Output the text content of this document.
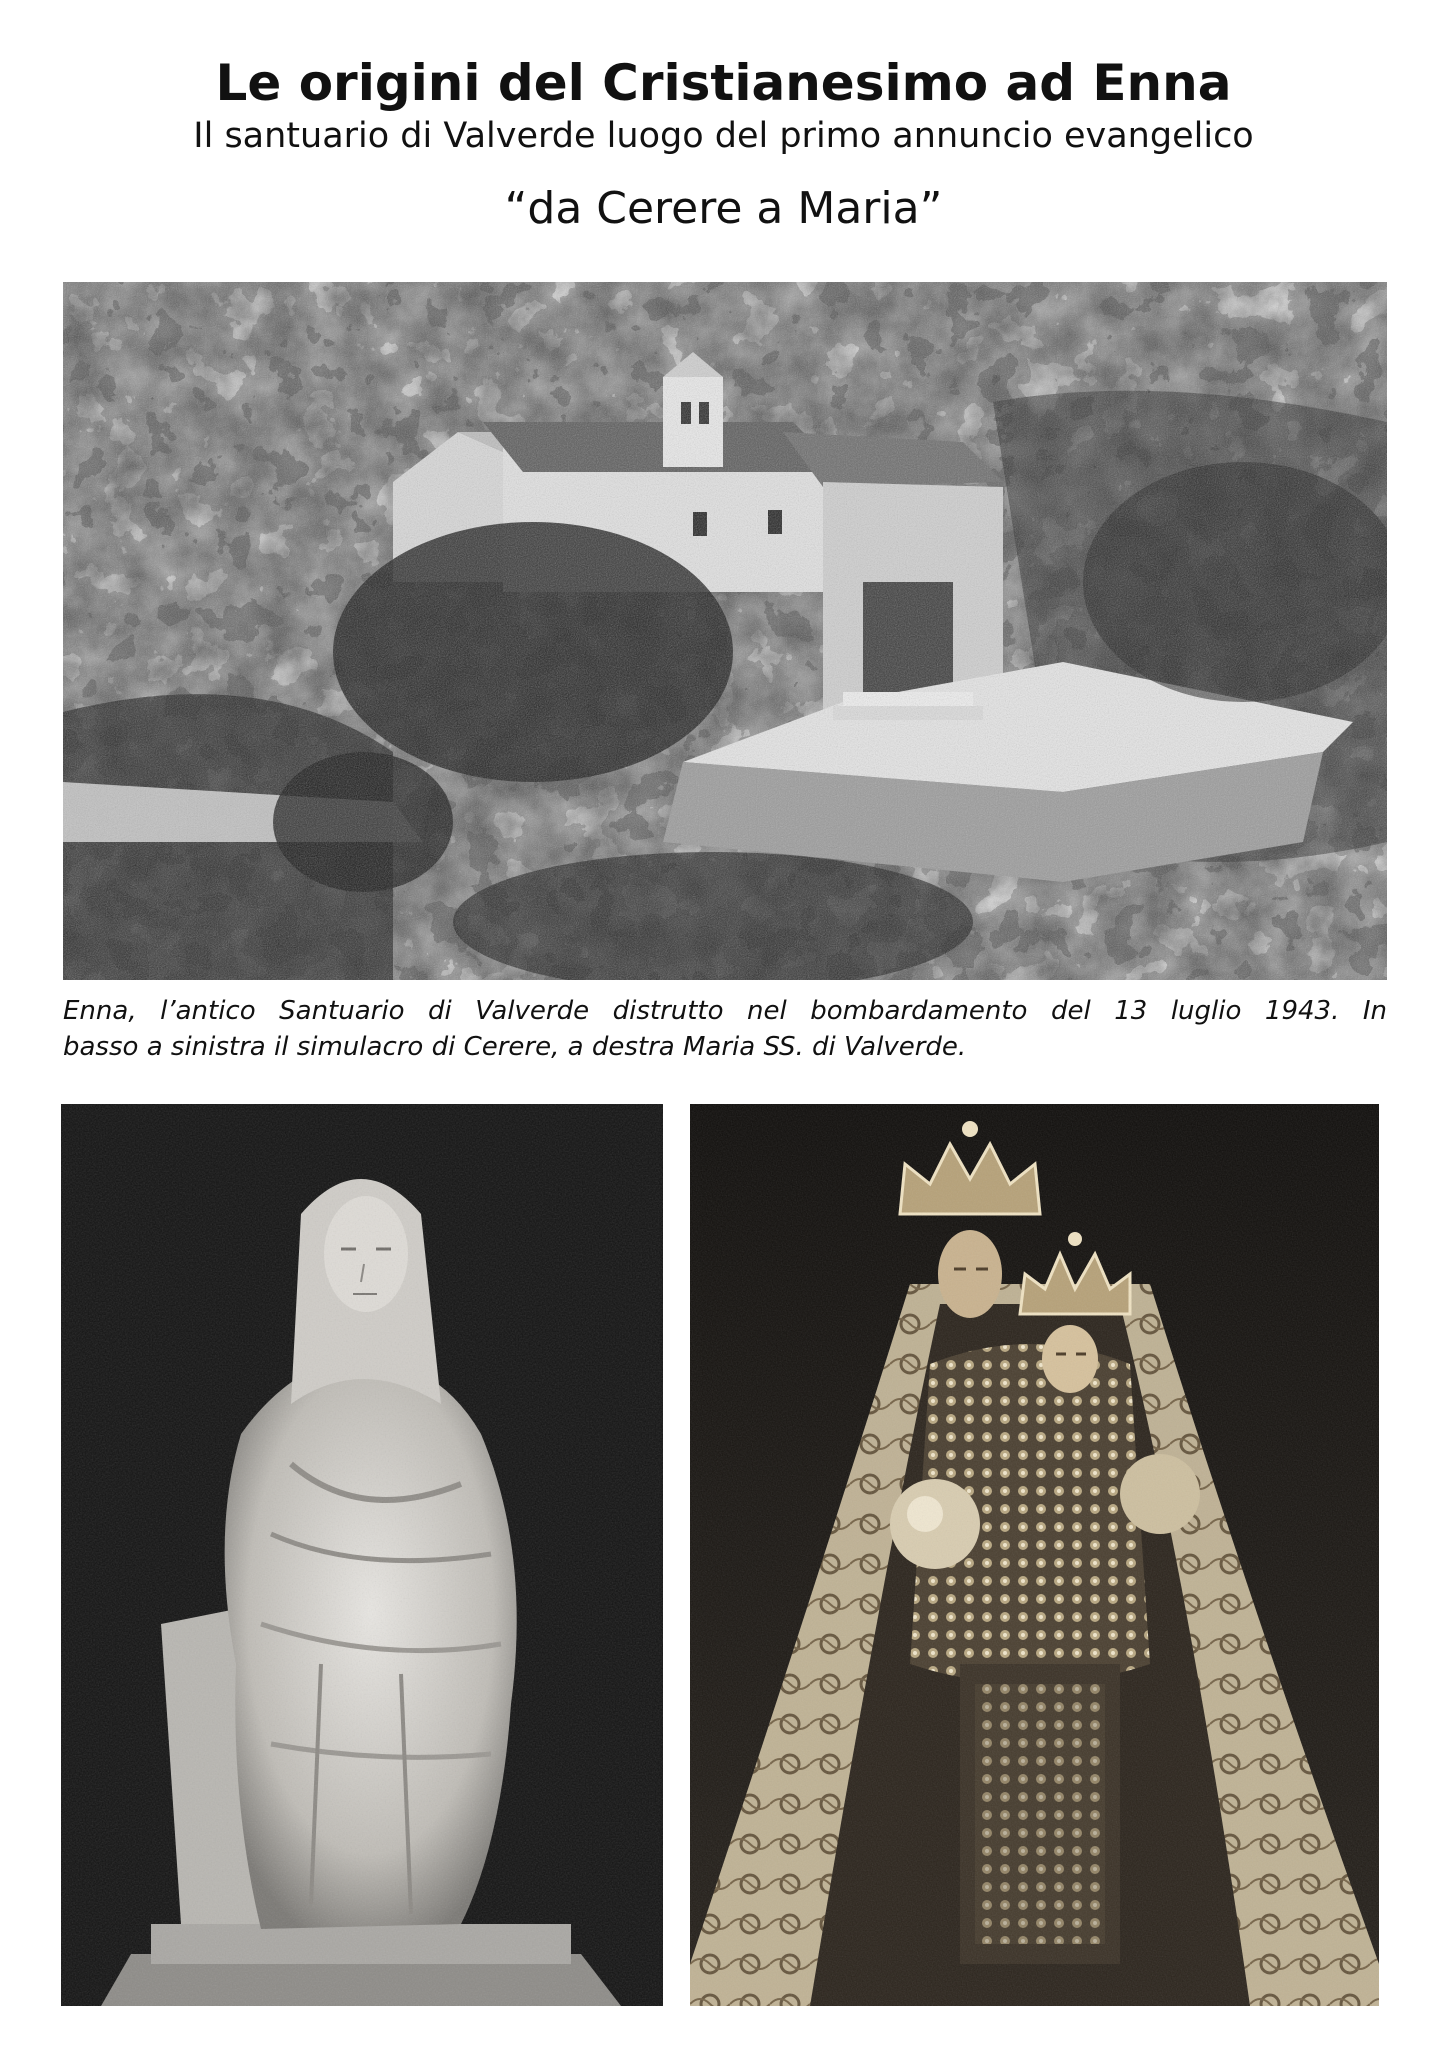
Le origini del Cristianesimo ad Enna
Il santuario di Valverde luogo del primo annuncio evangelico
“da Cerere a Maria”
Enna, l’antico Santuario di Valverde distrutto nel bombardamento del 13 luglio 1943. In
basso a sinistra il simulacro di Cerere, a destra Maria SS. di Valverde.
